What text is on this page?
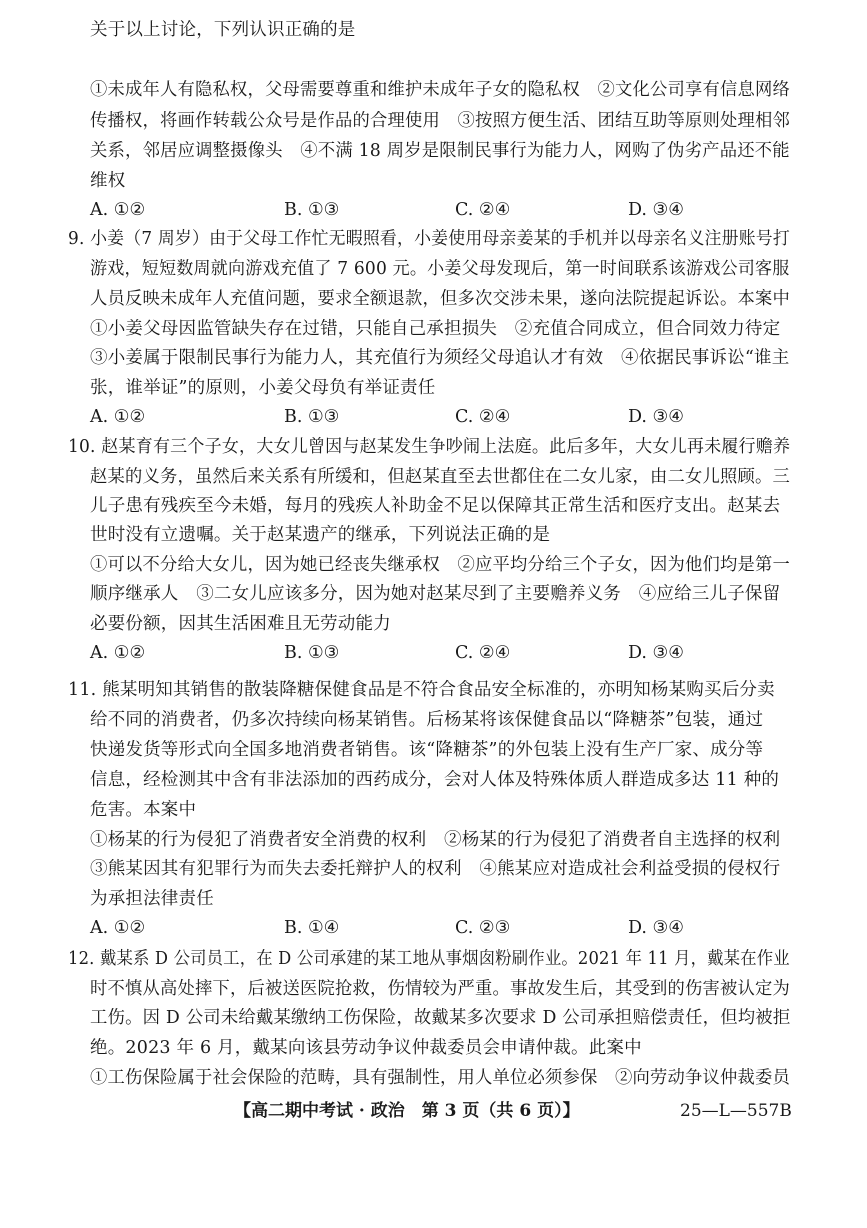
关于以上讨论，下列认识正确的是
①未成年人有隐私权，父母需要尊重和维护未成年子女的隐私权　②文化公司享有信息网络
传播权，将画作转载公众号是作品的合理使用　③按照方便生活、团结互助等原则处理相邻
关系，邻居应调整摄像头　④不满 18 周岁是限制民事行为能力人，网购了伪劣产品还不能
维权
A. ①②	B. ①③	C. ②④	D. ③④
9. 小姜（7 周岁）由于父母工作忙无暇照看，小姜使用母亲姜某的手机并以母亲名义注册账号打
游戏，短短数周就向游戏充值了 7 600 元。小姜父母发现后，第一时间联系该游戏公司客服
人员反映未成年人充值问题，要求全额退款，但多次交涉未果，遂向法院提起诉讼。本案中
①小姜父母因监管缺失存在过错，只能自己承担损失　②充值合同成立，但合同效力待定
③小姜属于限制民事行为能力人，其充值行为须经父母追认才有效　④依据民事诉讼“谁主
张，谁举证”的原则，小姜父母负有举证责任
A. ①②	B. ①③	C. ②④	D. ③④
10. 赵某育有三个子女，大女儿曾因与赵某发生争吵闹上法庭。此后多年，大女儿再未履行赡养
赵某的义务，虽然后来关系有所缓和，但赵某直至去世都住在二女儿家，由二女儿照顾。三
儿子患有残疾至今未婚，每月的残疾人补助金不足以保障其正常生活和医疗支出。赵某去
世时没有立遗嘱。关于赵某遗产的继承，下列说法正确的是
①可以不分给大女儿，因为她已经丧失继承权　②应平均分给三个子女，因为他们均是第一
顺序继承人　③二女儿应该多分，因为她对赵某尽到了主要赡养义务　④应给三儿子保留
必要份额，因其生活困难且无劳动能力
A. ①②	B. ①③	C. ②④	D. ③④
11. 熊某明知其销售的散装降糖保健食品是不符合食品安全标准的，亦明知杨某购买后分卖
给不同的消费者，仍多次持续向杨某销售。后杨某将该保健食品以“降糖茶”包装，通过
快递发货等形式向全国多地消费者销售。该“降糖茶”的外包装上没有生产厂家、成分等
信息，经检测其中含有非法添加的西药成分，会对人体及特殊体质人群造成多达 11 种的
危害。本案中
①杨某的行为侵犯了消费者安全消费的权利　②杨某的行为侵犯了消费者自主选择的权利
③熊某因其有犯罪行为而失去委托辩护人的权利　④熊某应对造成社会利益受损的侵权行
为承担法律责任
A. ①②	B. ①④	C. ②③	D. ③④
12. 戴某系 D 公司员工，在 D 公司承建的某工地从事烟囱粉刷作业。2021 年 11 月，戴某在作业
时不慎从高处摔下，后被送医院抢救，伤情较为严重。事故发生后，其受到的伤害被认定为
工伤。因 D 公司未给戴某缴纳工伤保险，故戴某多次要求 D 公司承担赔偿责任，但均被拒
绝。2023 年 6 月，戴某向该县劳动争议仲裁委员会申请仲裁。此案中
①工伤保险属于社会保险的范畴，具有强制性，用人单位必须参保　②向劳动争议仲裁委员
【高二期中考试 · 政治　第 3 页（共 6 页）】	25—L—557B
